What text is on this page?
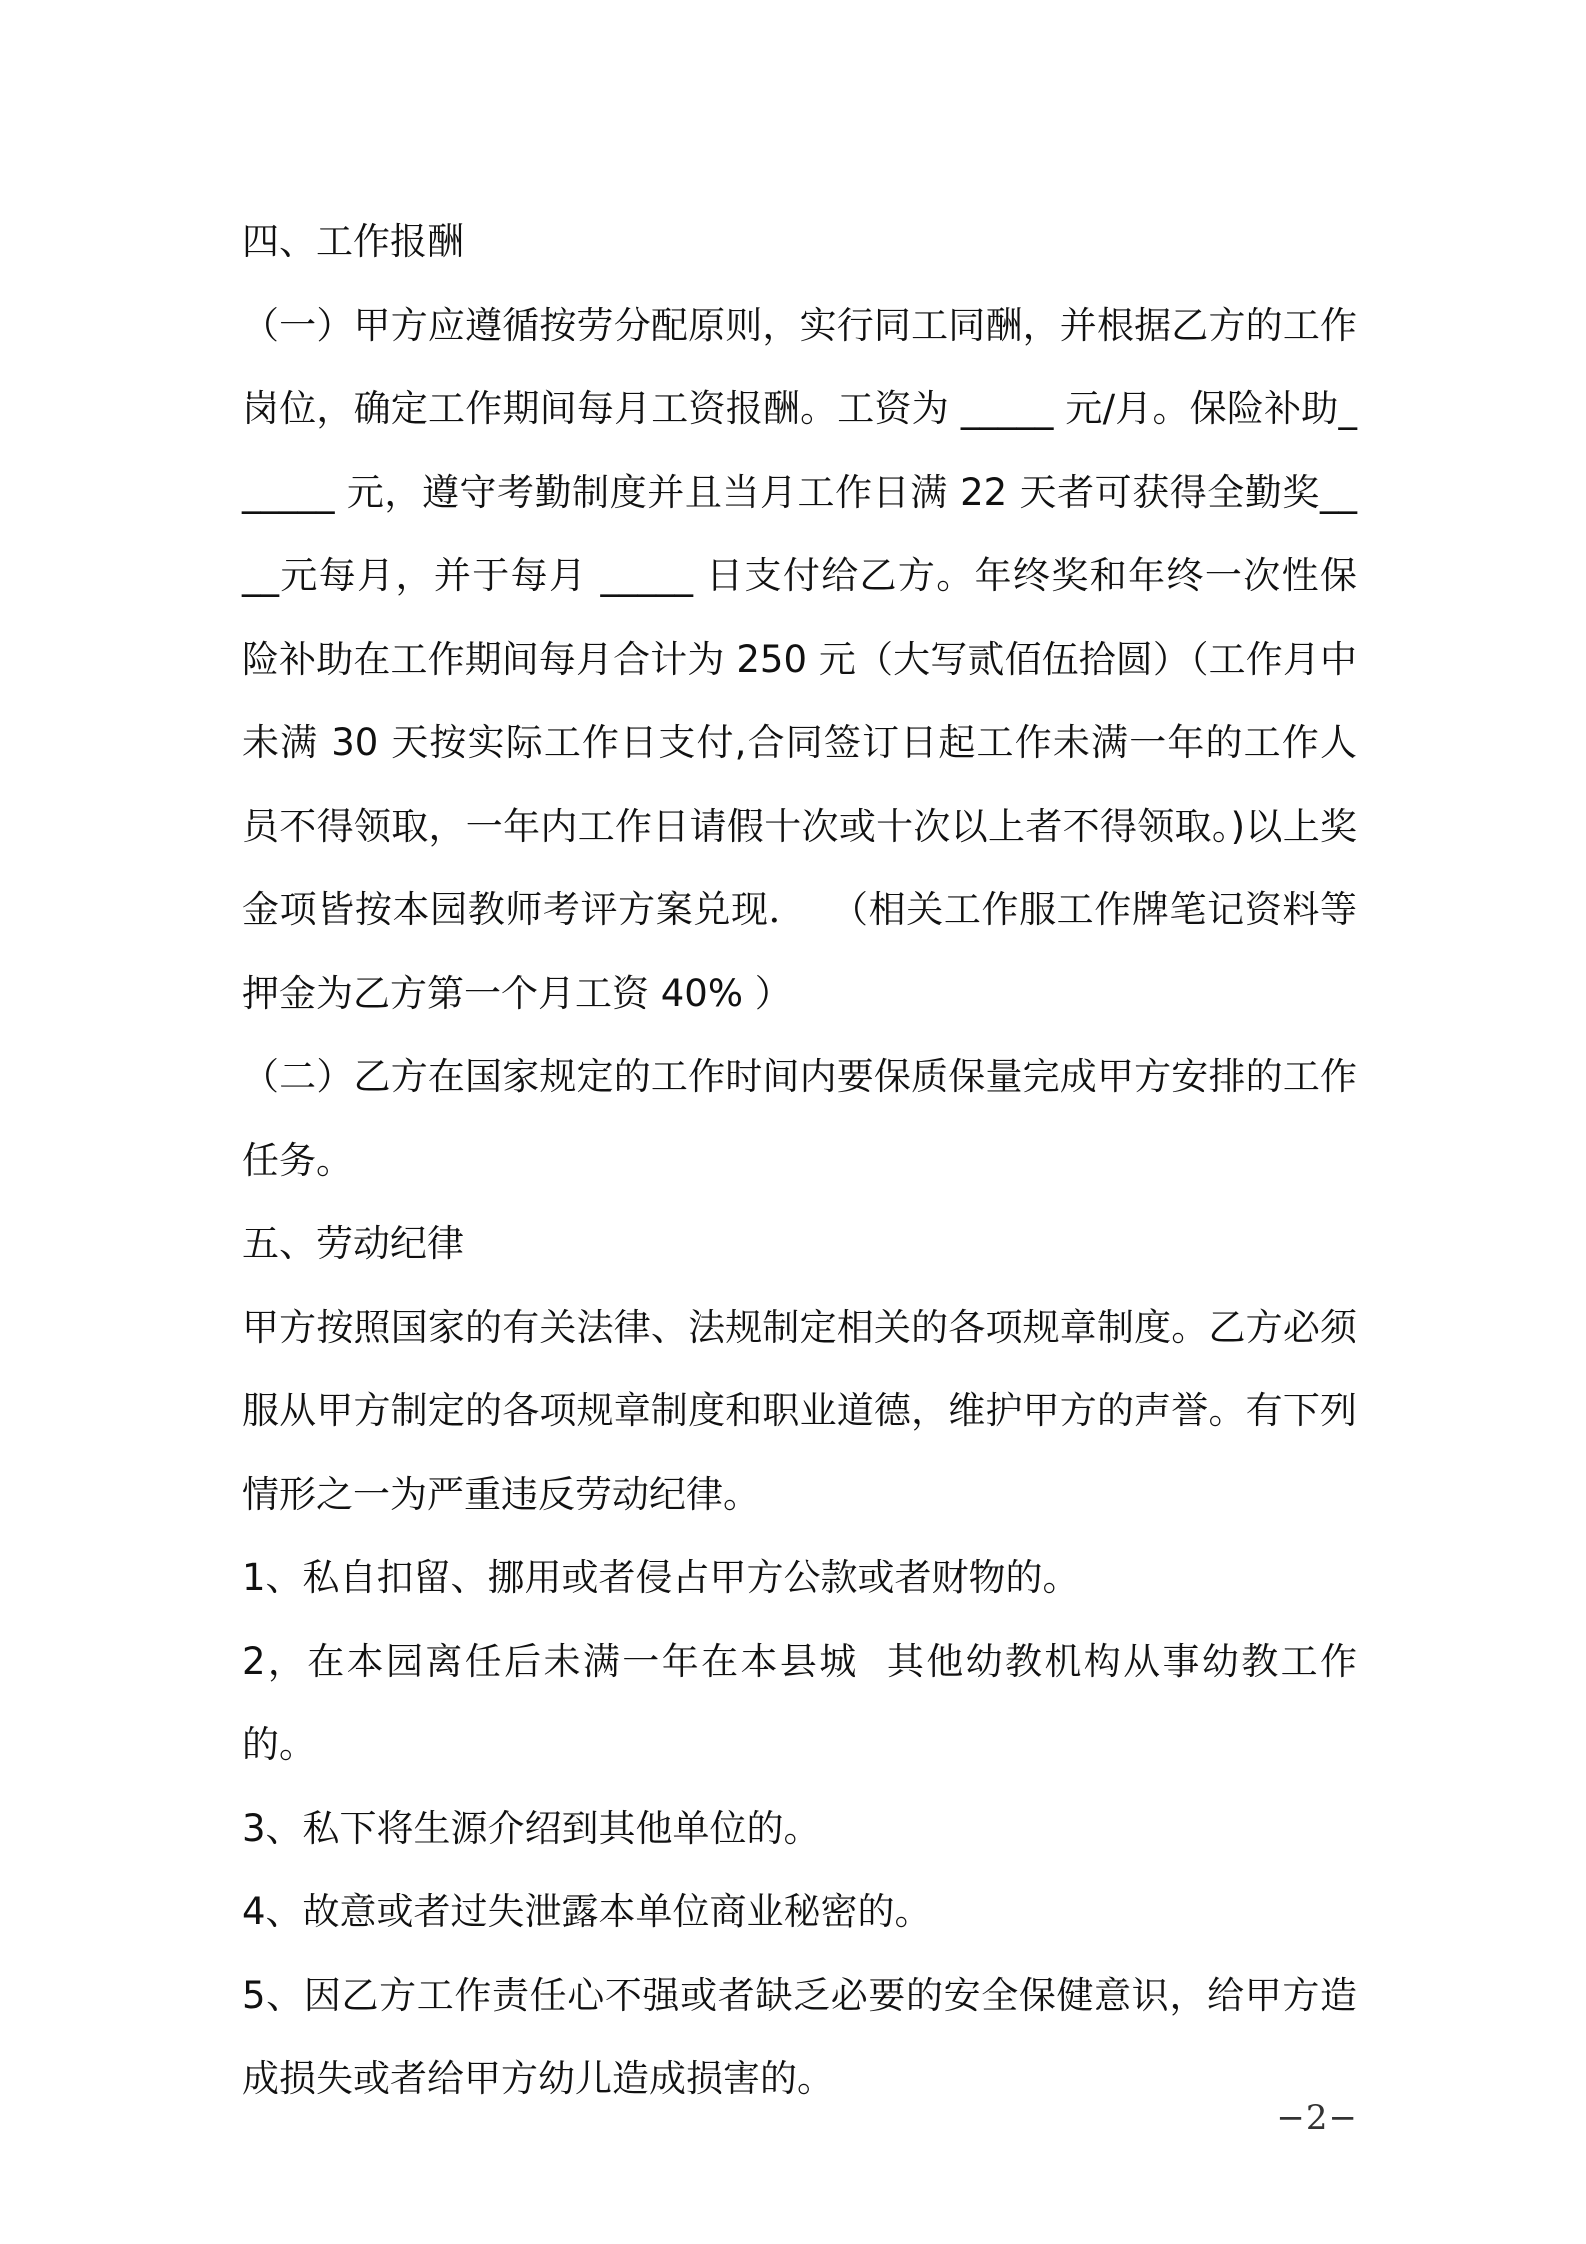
四、工作报酬

（一）甲方应遵循按劳分配原则，实行同工同酬，并根据乙方的工作岗位，确定工作期间每月工资报酬。工资为 _____ 元/月。保险补助______ 元，遵守考勤制度并且当月工作日满 22 天者可获得全勤奖____元每月，并于每月 _____ 日支付给乙方。年终奖和年终一次性保险补助在工作期间每月合计为 250 元（大写贰佰伍拾圆）（工作月中未满 30 天按实际工作日支付,合同签订日起工作未满一年的工作人员不得领取，一年内工作日请假十次或十次以上者不得领取。)以上奖金项皆按本园教师考评方案兑现．  （相关工作服工作牌笔记资料等押金为乙方第一个月工资 40% ）

（二）乙方在国家规定的工作时间内要保质保量完成甲方安排的工作任务。

五、劳动纪律

甲方按照国家的有关法律、法规制定相关的各项规章制度。乙方必须服从甲方制定的各项规章制度和职业道德，维护甲方的声誉。有下列情形之一为严重违反劳动纪律。

1、私自扣留、挪用或者侵占甲方公款或者财物的。

2，在本园离任后未满一年在本县城  其他幼教机构从事幼教工作的。

3、私下将生源介绍到其他单位的。

4、故意或者过失泄露本单位商业秘密的。

5、因乙方工作责任心不强或者缺乏必要的安全保健意识，给甲方造成损失或者给甲方幼儿造成损害的。

−2−
